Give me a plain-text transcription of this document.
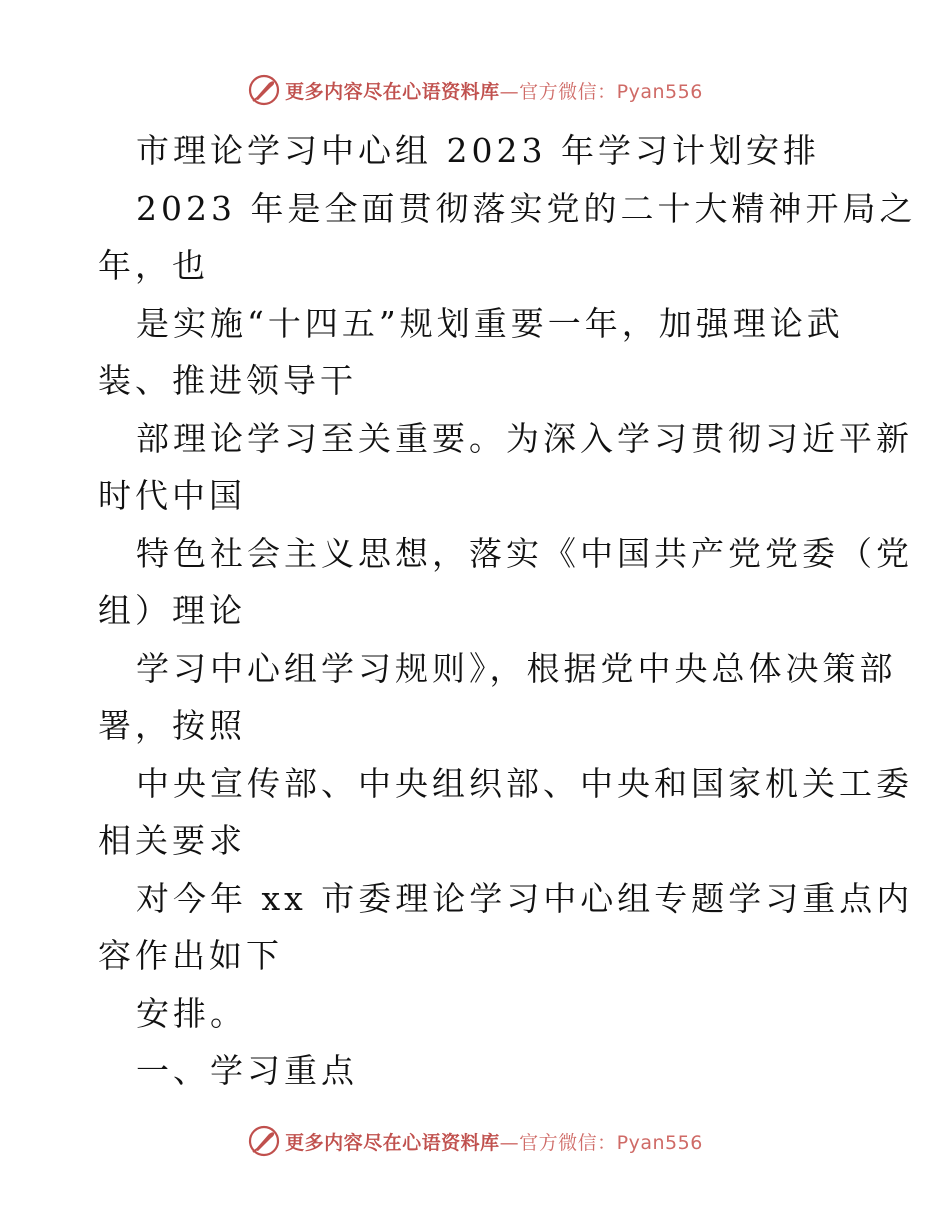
更多内容尽在心语资料库—官方微信：Pyan556
市理论学习中心组 2023 年学习计划安排
2023 年是全面贯彻落实党的二十大精神开局之
年，也
是实施“十四五”规划重要一年，加强理论武
装、推进领导干
部理论学习至关重要。为深入学习贯彻习近平新
时代中国
特色社会主义思想，落实《中国共产党党委（党
组）理论
学习中心组学习规则》，根据党中央总体决策部
署，按照
中央宣传部、中央组织部、中央和国家机关工委
相关要求
对今年 xx 市委理论学习中心组专题学习重点内
容作出如下
安排。
一、学习重点
更多内容尽在心语资料库—官方微信：Pyan556
